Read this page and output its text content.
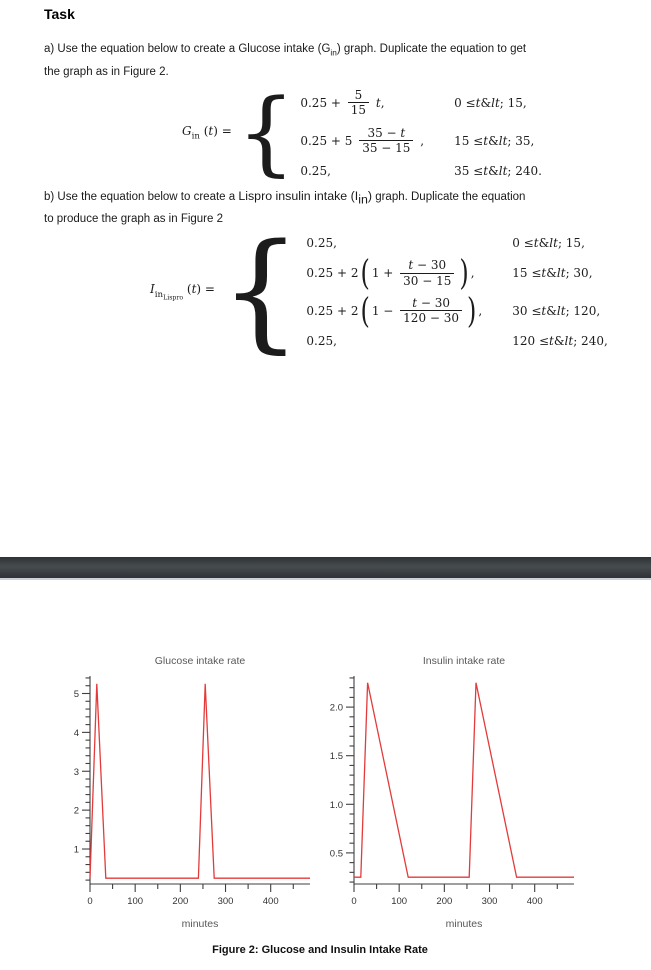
Task
a) Use the equation below to create a Glucose intake $(G_{in})$ graph. Duplicate the equation to get
the graph as in Figure 2.
$G_{in}$ (t) = { $0.25 + \frac{5}{15} t$,	0 ≤ t & lt ; 15,
$0.25 + 5 \frac{35 - t}{35 - 15}$ ,	15 ≤ t & lt ; 35,
0.25,	35 ≤ t & lt ; 240.
b) Use the equation below to create a Lispro insulin intake $(I_{in})$ graph. Duplicate the equation
to produce the graph as in Figure 2
$I_{in_{Lispro}}$ (t) = { 0.25,	0 ≤ t & lt ; 15,
0.25 + 2 ( $1 + \frac{t - 30}{30 - 15}$ ) ,	15 ≤ t & lt ; 30,
0.25 + 2 ( $1 - \frac{t - 30}{120 - 30}$ ) ,	30 ≤ t & lt ; 120,
0.25,	120 ≤ t & lt ; 240,
Glucose intake rate
1
2
3
4
5
0	100	200	300	400
minutes
Insulin intake rate
0.5
1.0
1.5
2.0
0	100	200	300	400
minutes
Figure 2: Glucose and Insulin Intake Rate
